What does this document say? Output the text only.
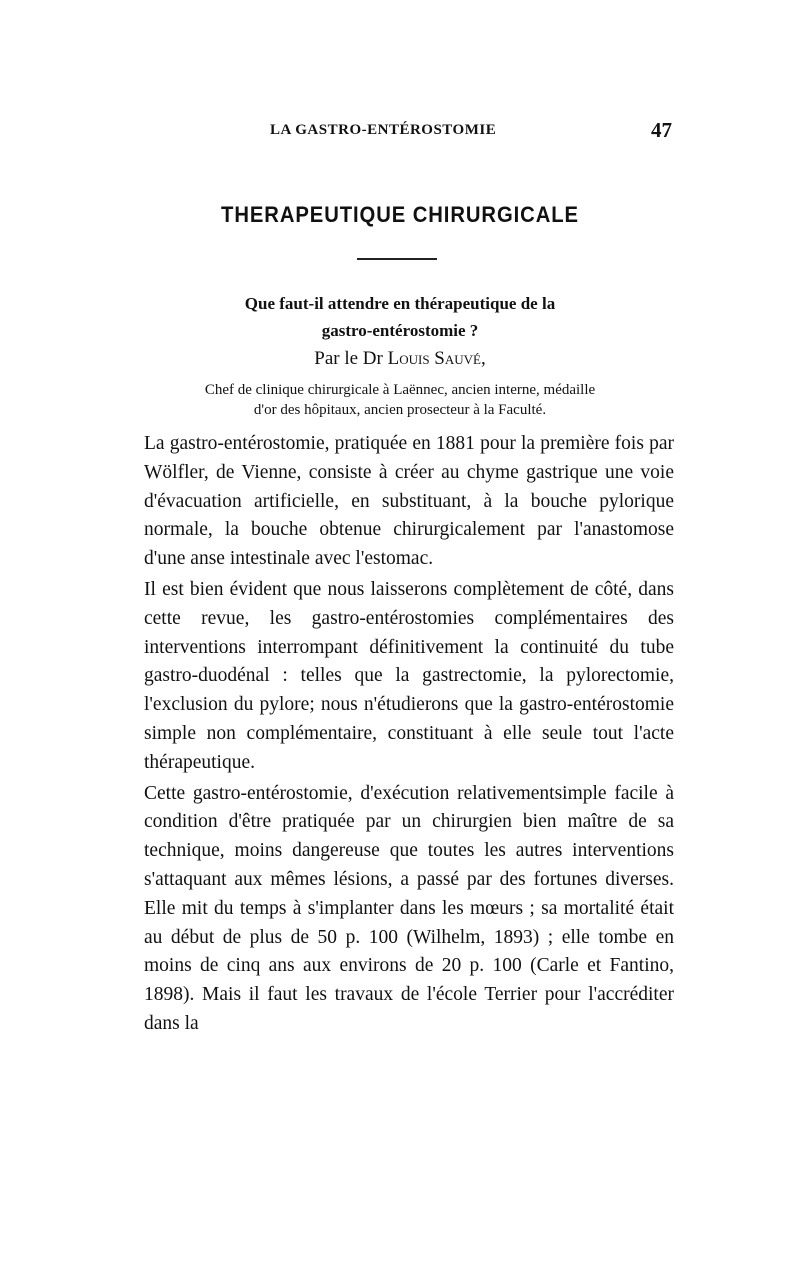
LA GASTRO-ENTÉROSTOMIE	47
THERAPEUTIQUE CHIRURGICALE
Que faut-il attendre en thérapeutique de la
gastro-entérostomie ?
Par le Dr Louis Sauvé,
Chef de clinique chirurgicale à Laënnec, ancien interne, médaille
d'or des hôpitaux, ancien prosecteur à la Faculté.

La gastro-entérostomie, pratiquée en 1881 pour la première fois par Wölfler, de Vienne, consiste à créer au chyme gastrique une voie d'évacuation artificielle, en substituant, à la bouche pylorique normale, la bouche obtenue chirurgicalement par l'anastomose d'une anse intestinale avec l'estomac.

Il est bien évident que nous laisserons complètement de côté, dans cette revue, les gastro-entérostomies complémentaires des interventions interrompant définitivement la continuité du tube gastro-duodénal : telles que la gastrectomie, la pylorectomie, l'exclusion du pylore; nous n'étudierons que la gastro-entérostomie simple non complémentaire, constituant à elle seule tout l'acte thérapeutique.

Cette gastro-entérostomie, d'exécution relativementsimple facile à condition d'être pratiquée par un chirurgien bien maître de sa technique, moins dangereuse que toutes les autres interventions s'attaquant aux mêmes lésions, a passé par des fortunes diverses. Elle mit du temps à s'implanter dans les mœurs ; sa mortalité était au début de plus de 50 p. 100 (Wilhelm, 1893) ; elle tombe en moins de cinq ans aux environs de 20 p. 100 (Carle et Fantino, 1898). Mais il faut les travaux de l'école Terrier pour l'accréditer dans la
